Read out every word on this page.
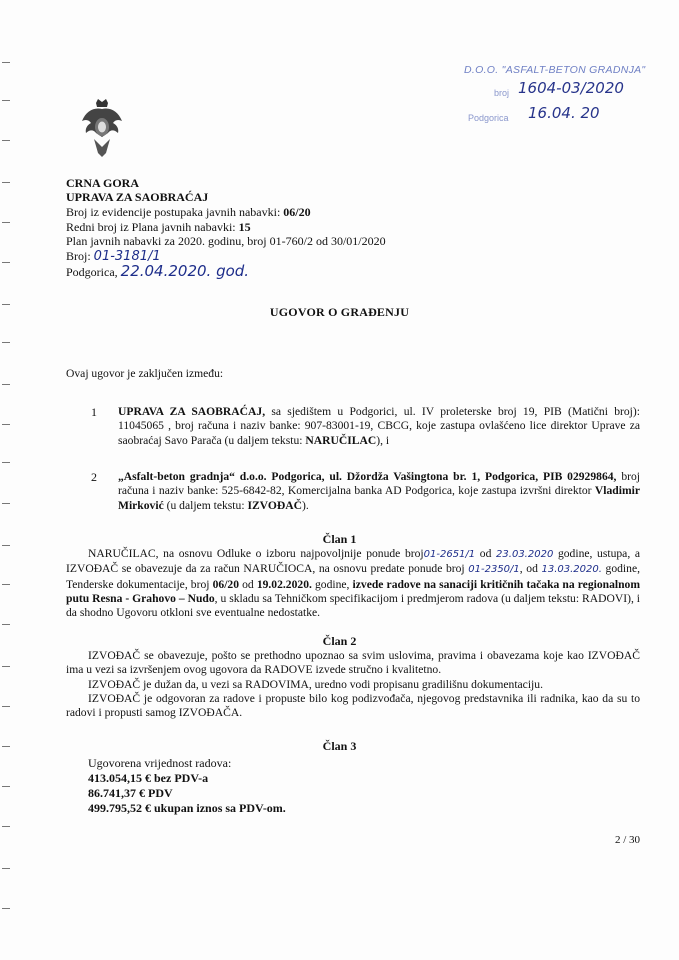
D.O.O. "ASFALT-BETON GRADNJA"
broj 1604-03/2020
Podgorica 16.04. 20
CRNA GORA
UPRAVA ZA SAOBRAĆAJ
Broj iz evidencije postupaka javnih nabavki: 06/20
Redni broj iz Plana javnih nabavki: 15
Plan javnih nabavki za 2020. godinu, broj 01-760/2 od 30/01/2020
Broj: 01-3181/1
Podgorica, 22.04.2020. god.
UGOVOR O GRAĐENJU
Ovaj ugovor je zaključen između:
1 UPRAVA ZA SAOBRAĆAJ, sa sjedištem u Podgorici, ul. IV proleterske broj 19, PIB (Matični broj): 11045065 , broj računa i naziv banke: 907-83001-19, CBCG, koje zastupa ovlašćeno lice direktor Uprave za saobraćaj Savo Parača (u daljem tekstu: NARUČILAC), i
2 „Asfalt-beton gradnja“ d.o.o. Podgorica, ul. Džordža Vašingtona br. 1, Podgorica, PIB 02929864, broj računa i naziv banke: 525-6842-82, Komercijalna banka AD Podgorica, koje zastupa izvršni direktor Vladimir Mirković (u daljem tekstu: IZVOĐAČ).
Član 1
NARUČILAC, na osnovu Odluke o izboru najpovoljnije ponude broj01-2651/1 od 23.03.2020 godine, ustupa, a IZVOĐAČ se obavezuje da za račun NARUČIOCA, na osnovu predate ponude broj 01-2350/1, od 13.03.2020. godine, Tenderske dokumentacije, broj 06/20 od 19.02.2020. godine, izvede radove na sanaciji kritičnih tačaka na regionalnom putu Resna - Grahovo – Nudo, u skladu sa Tehničkom specifikacijom i predmjerom radova (u daljem tekstu: RADOVI), i da shodno Ugovoru otkloni sve eventualne nedostatke.
Član 2
IZVOĐAČ se obavezuje, pošto se prethodno upoznao sa svim uslovima, pravima i obavezama koje kao IZVOĐAČ ima u vezi sa izvršenjem ovog ugovora da RADOVE izvede stručno i kvalitetno.
IZVOĐAČ je dužan da, u vezi sa RADOVIMA, uredno vodi propisanu gradilišnu dokumentaciju.
IZVOĐAČ je odgovoran za radove i propuste bilo kog podizvođača, njegovog predstavnika ili radnika, kao da su to radovi i propusti samog IZVOĐAČA.
Član 3
Ugovorena vrijednost radova:
413.054,15 € bez PDV-a
86.741,37 € PDV
499.795,52 € ukupan iznos sa PDV-om.
2 / 30
